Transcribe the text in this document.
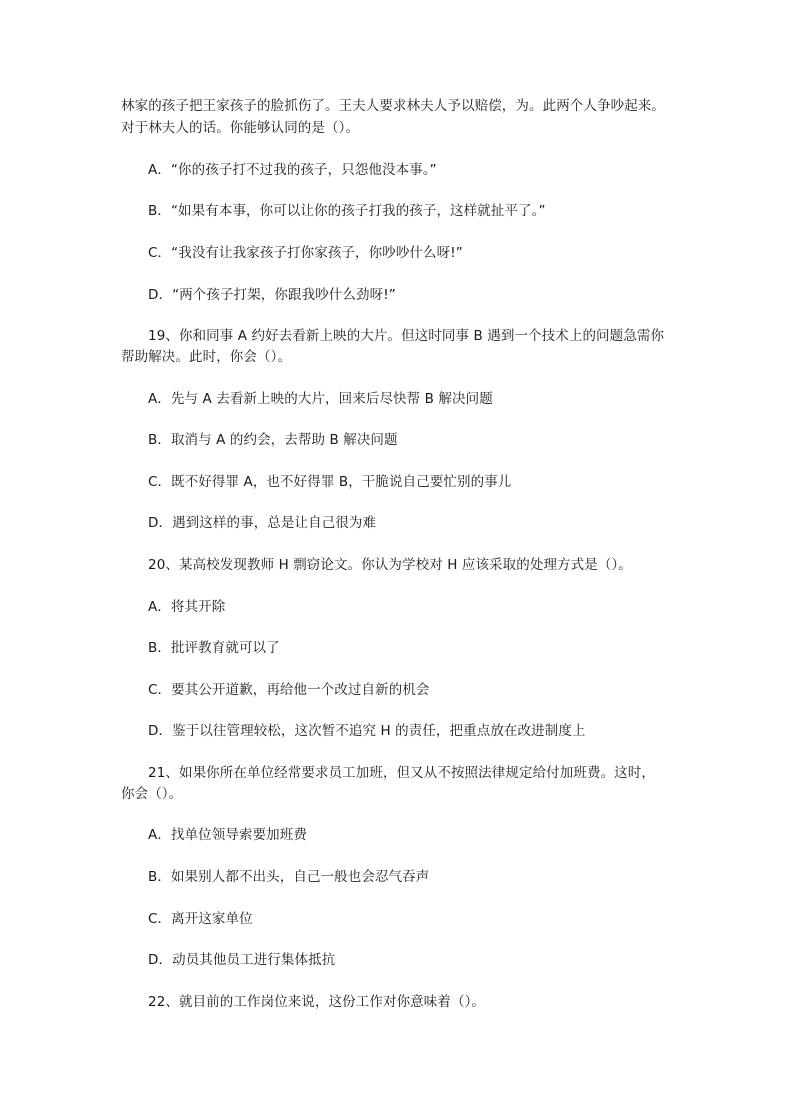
林家的孩子把王家孩子的脸抓伤了。王夫人要求林夫人予以赔偿，为。此两个人争吵起来。
对于林夫人的话。你能够认同的是（）。
A．“你的孩子打不过我的孩子，只怨他没本事。”
B．“如果有本事，你可以让你的孩子打我的孩子，这样就扯平了。”
C．“我没有让我家孩子打你家孩子，你吵吵什么呀!”
D．“两个孩子打架，你跟我吵什么劲呀!”
19、你和同事 A 约好去看新上映的大片。但这时同事 B 遇到一个技术上的问题急需你
帮助解决。此时，你会（）。
A．先与 A 去看新上映的大片，回来后尽快帮 B 解决问题
B．取消与 A 的约会，去帮助 B 解决问题
C．既不好得罪 A，也不好得罪 B，干脆说自己要忙别的事儿
D．遇到这样的事，总是让自己很为难
20、某高校发现教师 H 剽窃论文。你认为学校对 H 应该采取的处理方式是（）。
A．将其开除
B．批评教育就可以了
C．要其公开道歉，再给他一个改过自新的机会
D．鉴于以往管理较松，这次暂不追究 H 的责任，把重点放在改进制度上
21、如果你所在单位经常要求员工加班，但又从不按照法律规定给付加班费。这时，
你会（）。
A．找单位领导索要加班费
B．如果别人都不出头，自己一般也会忍气吞声
C．离开这家单位
D．动员其他员工进行集体抵抗
22、就目前的工作岗位来说，这份工作对你意味着（）。
